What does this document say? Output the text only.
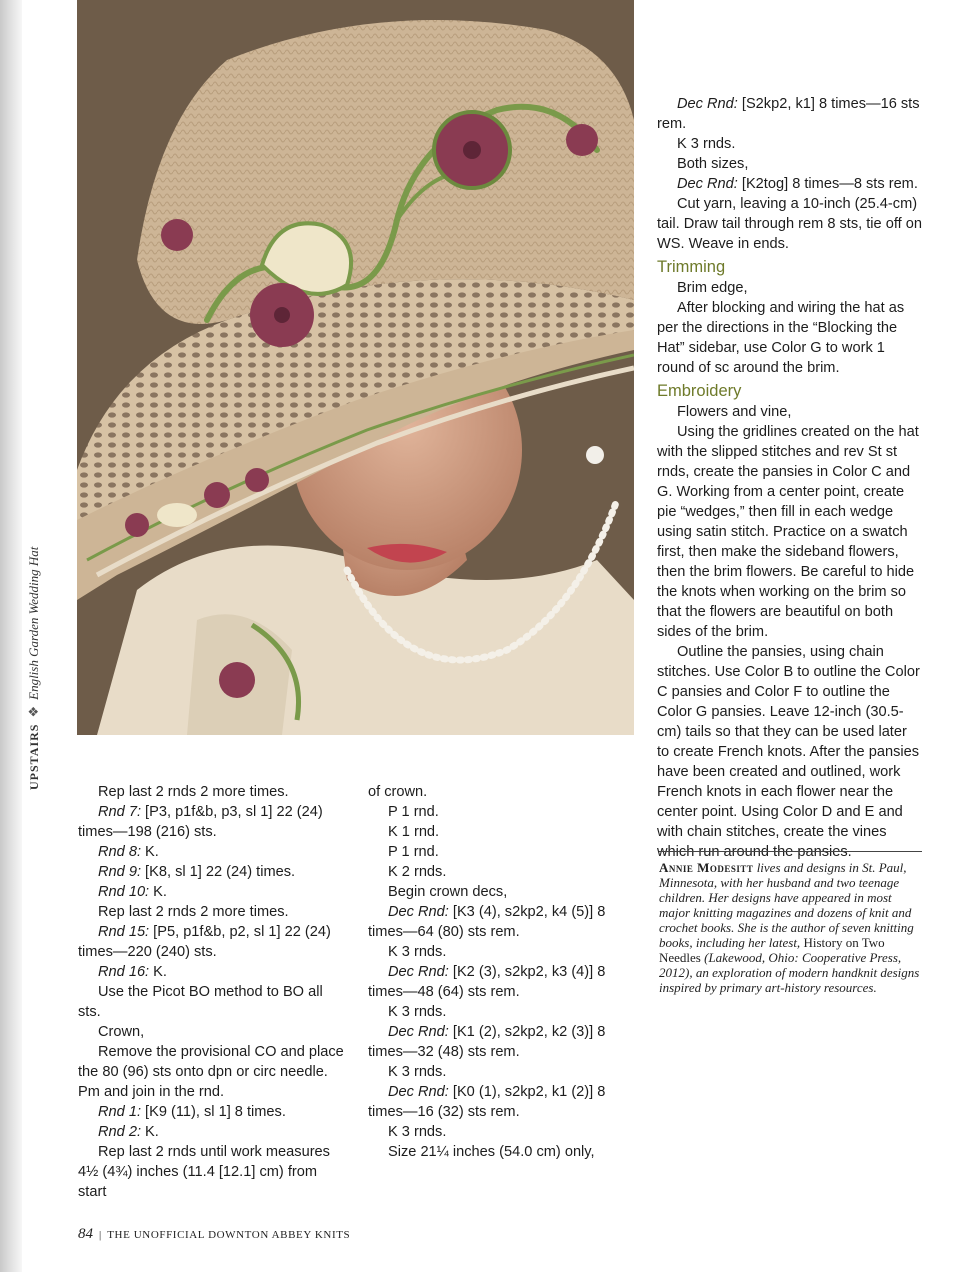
UPSTAIRS❖English Garden Wedding Hat

Rep last 2 rnds 2 more times.

Rnd 7: [P3, p1f&b, p3, sl 1] 22 (24) times—198 (216) sts.

Rnd 8: K.

Rnd 9: [K8, sl 1] 22 (24) times.

Rnd 10: K.

Rep last 2 rnds 2 more times.

Rnd 15: [P5, p1f&b, p2, sl 1] 22 (24) times—220 (240) sts.

Rnd 16: K.

Use the Picot BO method to BO all sts.

Crown,

Remove the provisional CO and place the 80 (96) sts onto dpn or circ needle. Pm and join in the rnd.

Rnd 1: [K9 (11), sl 1] 8 times.

Rnd 2: K.

Rep last 2 rnds until work measures 4½ (4¾) inches (11.4 [12.1] cm) from start

of crown.

P 1 rnd.

K 1 rnd.

P 1 rnd.

K 2 rnds.

Begin crown decs,

Dec Rnd: [K3 (4), s2kp2, k4 (5)] 8 times—64 (80) sts rem.

K 3 rnds.

Dec Rnd: [K2 (3), s2kp2, k3 (4)] 8 times—48 (64) sts rem.

K 3 rnds.

Dec Rnd: [K1 (2), s2kp2, k2 (3)] 8 times—32 (48) sts rem.

K 3 rnds.

Dec Rnd: [K0 (1), s2kp2, k1 (2)] 8 times—16 (32) sts rem.

K 3 rnds.

Size 21¼ inches (54.0 cm) only,

Dec Rnd: [S2kp2, k1] 8 times—16 sts rem.

K 3 rnds.

Both sizes,

Dec Rnd: [K2tog] 8 times—8 sts rem.

Cut yarn, leaving a 10-inch (25.4-cm) tail. Draw tail through rem 8 sts, tie off on WS. Weave in ends.

Trimming

Brim edge,

After blocking and wiring the hat as per the directions in the “Blocking the Hat” sidebar, use Color G to work 1 round of sc around the brim.

Embroidery

Flowers and vine,

Using the gridlines created on the hat with the slipped stitches and rev St st rnds, create the pansies in Color C and G. Working from a center point, create pie “wedges,” then fill in each wedge using satin stitch. Practice on a swatch first, then make the sideband flowers, then the brim flowers. Be careful to hide the knots when working on the brim so that the flowers are beautiful on both sides of the brim.

Outline the pansies, using chain stitches. Use Color B to outline the Color C pansies and Color F to outline the Color G pansies. Leave 12-inch (30.5-cm) tails so that they can be used later to create French knots. After the pansies have been created and outlined, work French knots in each flower near the center point. Using Color D and E and with chain stitches, create the vines which run around the pansies.

Annie Modesitt lives and designs in St. Paul, Minnesota, with her husband and two teenage children. Her designs have appeared in most major knitting magazines and dozens of knit and crochet books. She is the author of seven knitting books, including her latest, History on Two Needles (Lakewood, Ohio: Cooperative Press, 2012), an exploration of modern handknit designs inspired by primary art-history resources.
84 | THE UNOFFICIAL DOWNTON ABBEY KNITS
